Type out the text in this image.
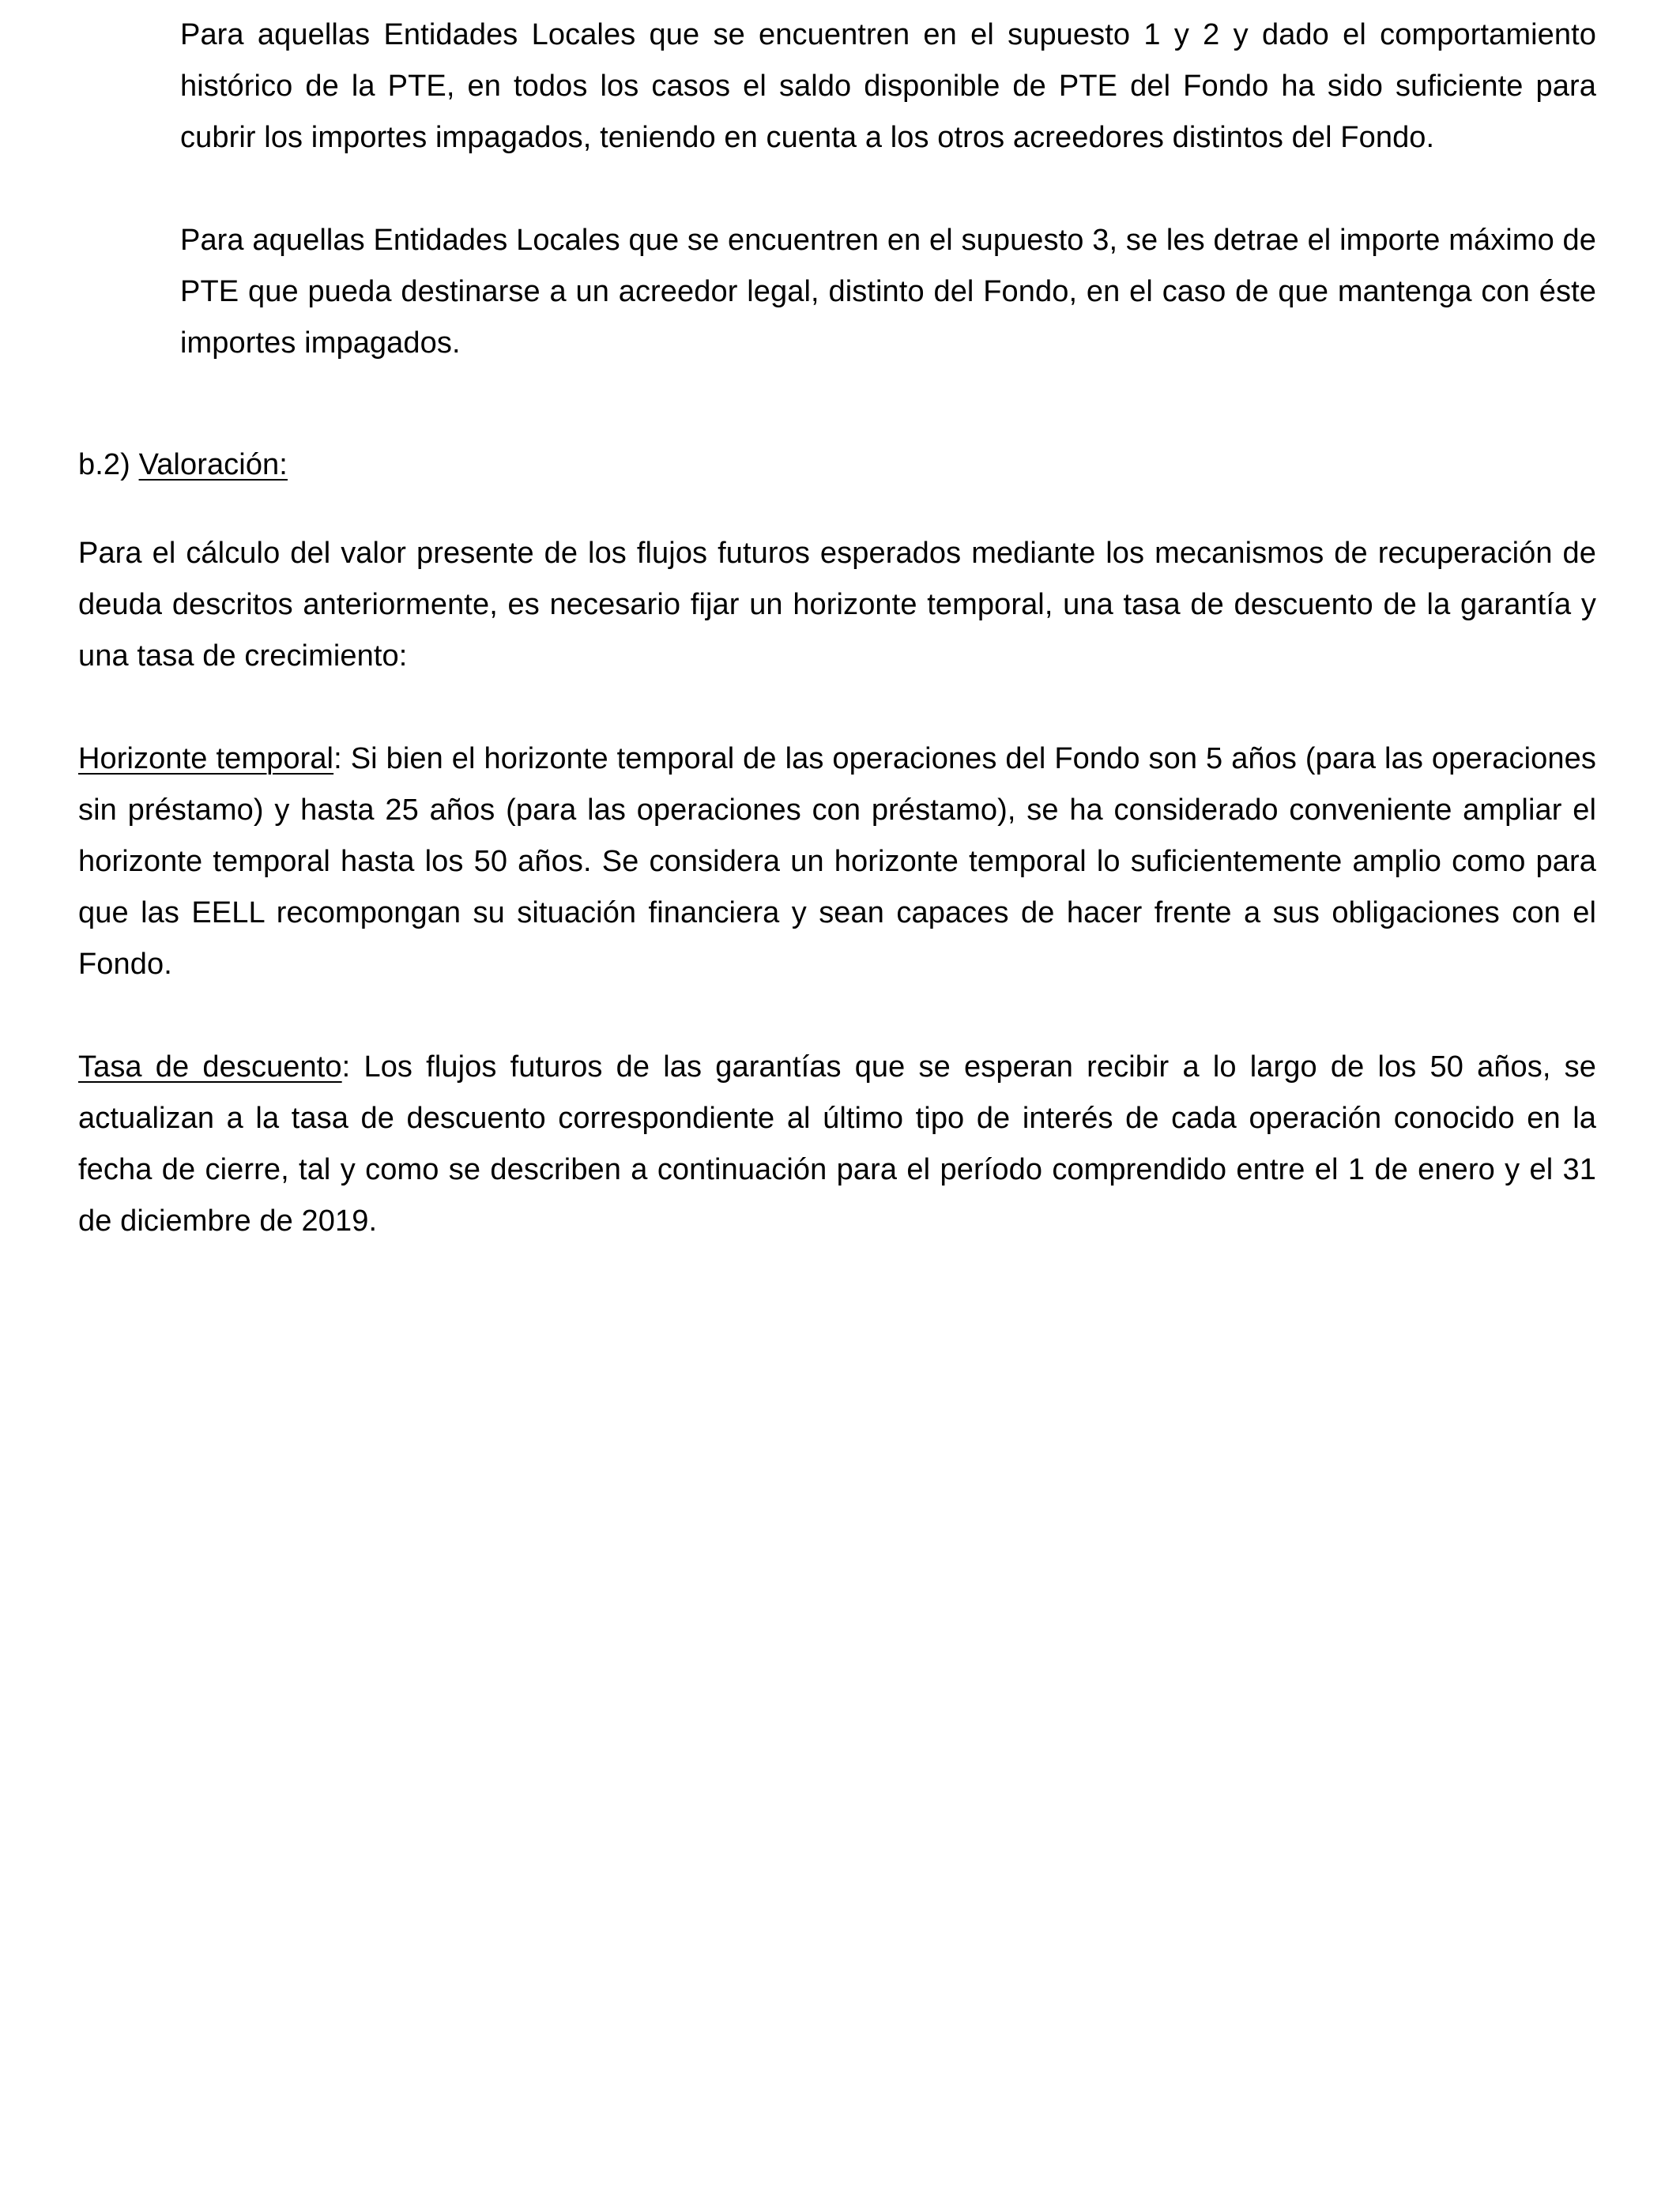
Para aquellas Entidades Locales que se encuentren en el supuesto 1 y 2 y dado el comportamiento histórico de la PTE, en todos los casos el saldo disponible de PTE del Fondo ha sido suficiente para cubrir los importes impagados, teniendo en cuenta a los otros acreedores distintos del Fondo.

Para aquellas Entidades Locales que se encuentren en el supuesto 3, se les detrae el importe máximo de PTE que pueda destinarse a un acreedor legal, distinto del Fondo, en el caso de que mantenga con éste importes impagados.

b.2) Valoración:

Para el cálculo del valor presente de los flujos futuros esperados mediante los mecanismos de recuperación de deuda descritos anteriormente, es necesario fijar un horizonte temporal, una tasa de descuento de la garantía y una tasa de crecimiento:

Horizonte temporal: Si bien el horizonte temporal de las operaciones del Fondo son 5 años (para las operaciones sin préstamo) y hasta 25 años (para las operaciones con préstamo), se ha considerado conveniente ampliar el horizonte temporal hasta los 50 años. Se considera un horizonte temporal lo suficientemente amplio como para que las EELL recompongan su situación financiera y sean capaces de hacer frente a sus obligaciones con el Fondo.

Tasa de descuento: Los flujos futuros de las garantías que se esperan recibir a lo largo de los 50 años, se actualizan a la tasa de descuento correspondiente al último tipo de interés de cada operación conocido en la fecha de cierre, tal y como se describen a continuación para el período comprendido entre el 1 de enero y el 31 de diciembre de 2019.
